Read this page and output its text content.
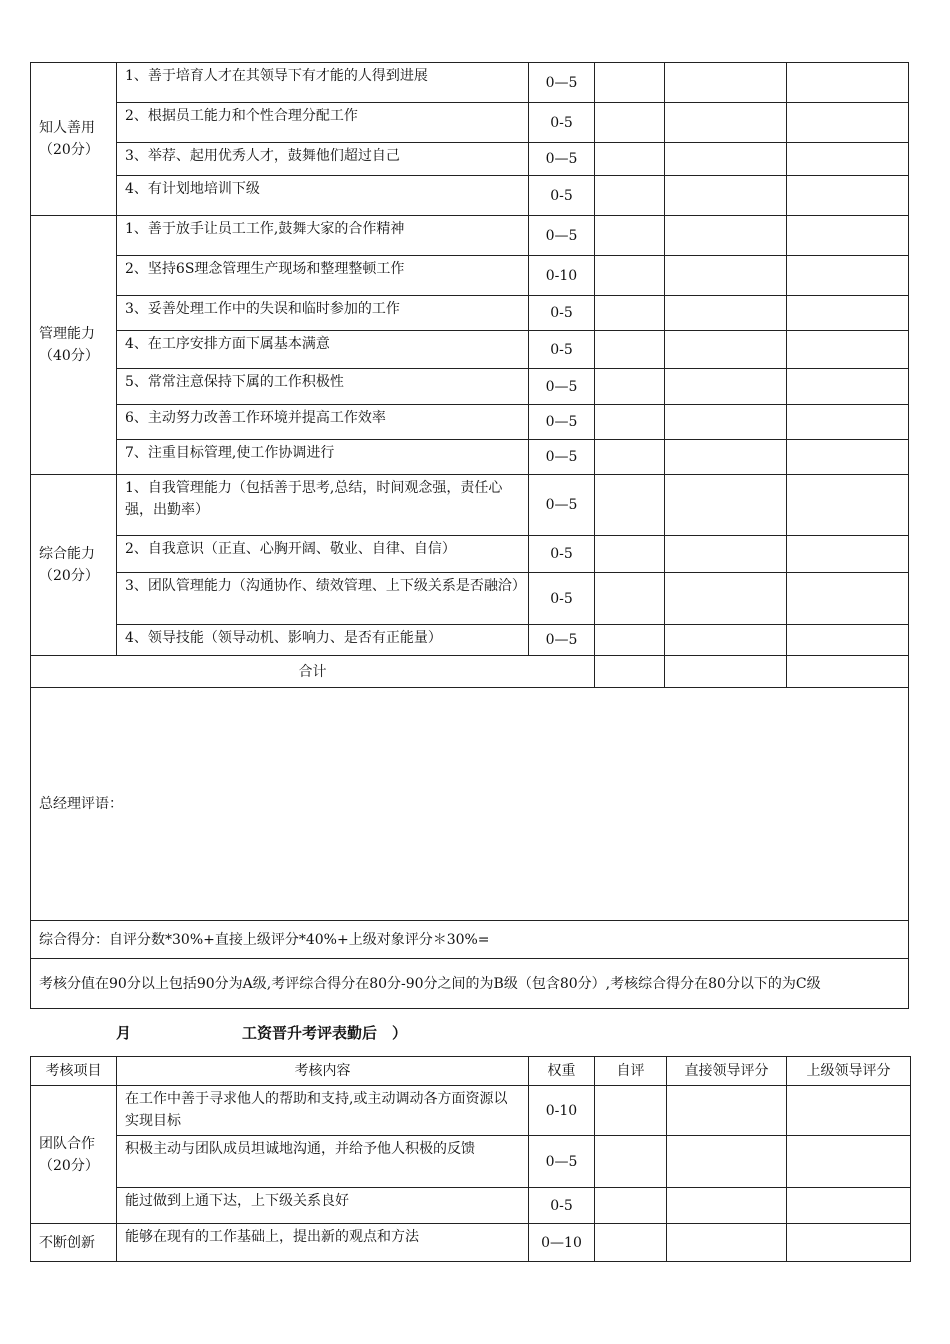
知人善用（20分）	1、善于培育人才在其领导下有才能的人得到进展	0—5			
	2、根据员工能力和个性合理分配工作	0-5			
	3、举荐、起用优秀人才，鼓舞他们超过自己	0—5			
	4、有计划地培训下级	0-5			
管理能力（40分）	1、善于放手让员工工作,鼓舞大家的合作精神	0—5			
	2、坚持6S理念管理生产现场和整理整顿工作	0-10			
	3、妥善处理工作中的失误和临时参加的工作	0-5			
	4、在工序安排方面下属基本满意	0-5			
	5、常常注意保持下属的工作积极性	0—5			
	6、主动努力改善工作环境并提高工作效率	0—5			
	7、注重目标管理,使工作协调进行	0—5			
综合能力（20分）	1、自我管理能力（包括善于思考,总结，时间观念强，责任心强，出勤率）	0—5			
	2、自我意识（正直、心胸开阔、敬业、自律、自信）	0-5			
	3、团队管理能力（沟通协作、绩效管理、上下级关系是否融洽）	0-5			
	4、领导技能（领导动机、影响力、是否有正能量）	0—5			
合计					
总经理评语：					
综合得分：自评分数*30%+直接上级评分*40%+上级对象评分＊30%=					
考核分值在90分以上包括90分为A级,考评综合得分在80分-90分之间的为B级（包含80分）,考核综合得分在80分以下的为C级					
月	工资晋升考评表勤后　）
考核项目	考核内容	权重	自评	直接领导评分	上级领导评分
团队合作（20分）	在工作中善于寻求他人的帮助和支持,或主动调动各方面资源以实现目标	0-10			
	积极主动与团队成员坦诚地沟通，并给予他人积极的反馈	0—5			
	能过做到上通下达，上下级关系良好	0-5			
不断创新	能够在现有的工作基础上，提出新的观点和方法	0—10			
